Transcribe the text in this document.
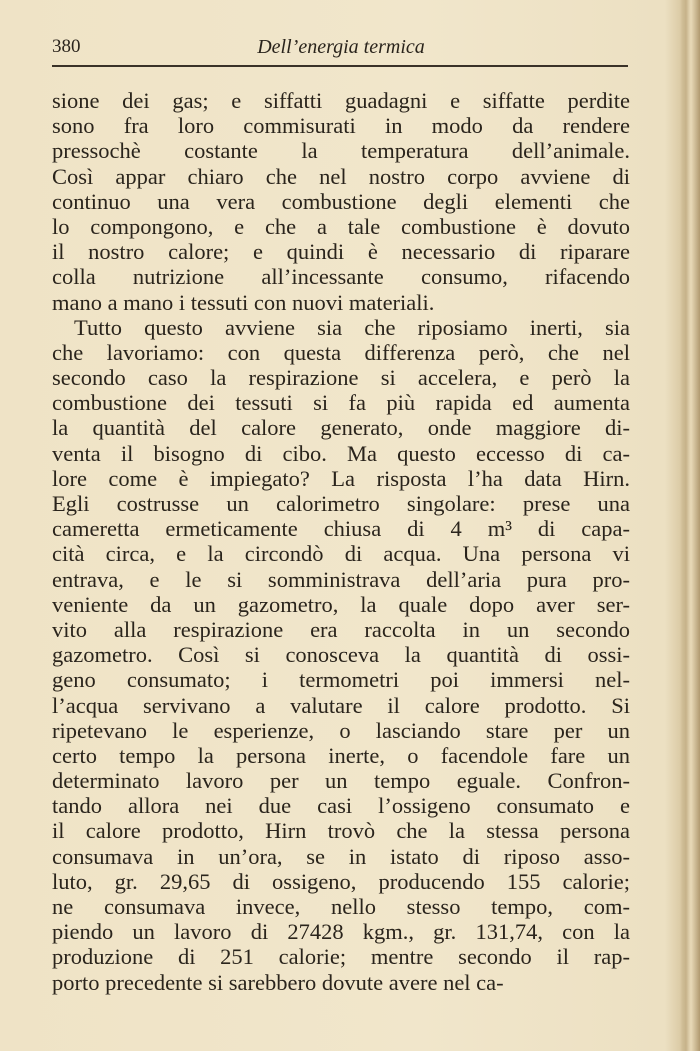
380	Dell’energia termica
sione dei gas; e siffatti guadagni e siffatte perdite
sono fra loro commisurati in modo da rendere
pressochè costante la temperatura dell’animale.
Così appar chiaro che nel nostro corpo avviene di
continuo una vera combustione degli elementi che
lo compongono, e che a tale combustione è dovuto
il nostro calore; e quindi è necessario di riparare
colla nutrizione all’incessante consumo, rifacendo
mano a mano i tessuti con nuovi materiali.
Tutto questo avviene sia che riposiamo inerti, sia
che lavoriamo: con questa differenza però, che nel
secondo caso la respirazione si accelera, e però la
combustione dei tessuti si fa più rapida ed aumenta
la quantità del calore generato, onde maggiore di-
venta il bisogno di cibo. Ma questo eccesso di ca-
lore come è impiegato? La risposta l’ha data Hirn.
Egli costrusse un calorimetro singolare: prese una
cameretta ermeticamente chiusa di 4 m³ di capa-
cità circa, e la circondò di acqua. Una persona vi
entrava, e le si somministrava dell’aria pura pro-
veniente da un gazometro, la quale dopo aver ser-
vito alla respirazione era raccolta in un secondo
gazometro. Così si conosceva la quantità di ossi-
geno consumato; i termometri poi immersi nel-
l’acqua servivano a valutare il calore prodotto. Si
ripetevano le esperienze, o lasciando stare per un
certo tempo la persona inerte, o facendole fare un
determinato lavoro per un tempo eguale. Confron-
tando allora nei due casi l’ossigeno consumato e
il calore prodotto, Hirn trovò che la stessa persona
consumava in un’ora, se in istato di riposo asso-
luto, gr. 29,65 di ossigeno, producendo 155 calorie;
ne consumava invece, nello stesso tempo, com-
piendo un lavoro di 27428 kgm., gr. 131,74, con la
produzione di 251 calorie; mentre secondo il rap-
porto precedente si sarebbero dovute avere nel ca-
